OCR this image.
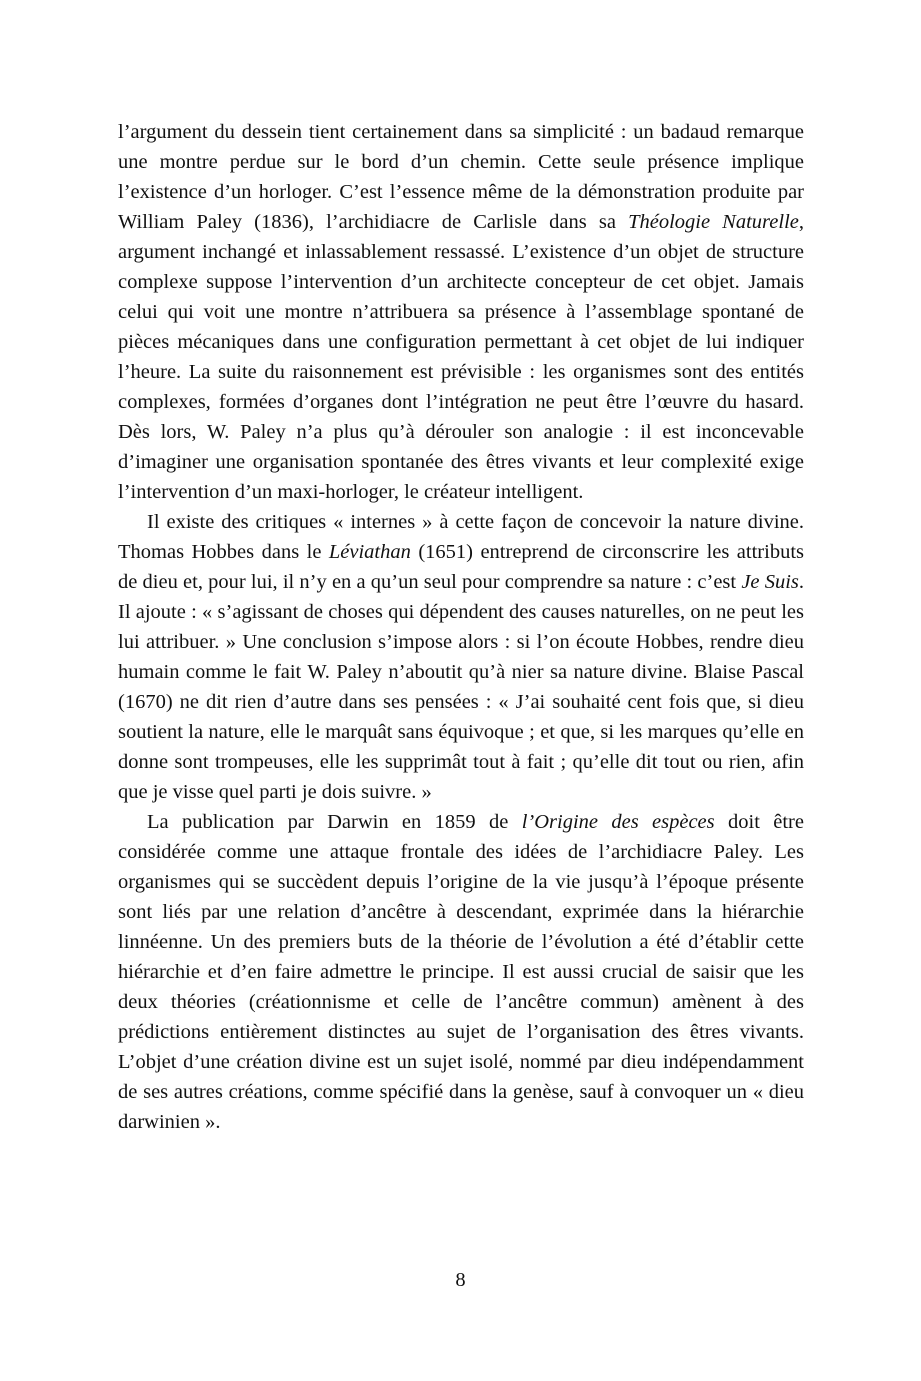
l’argument du dessein tient certainement dans sa simplicité : un badaud remarque une montre perdue sur le bord d’un chemin. Cette seule présence implique l’existence d’un horloger. C’est l’essence même de la démonstration produite par William Paley (1836), l’archidiacre de Carlisle dans sa Théologie Naturelle, argument inchangé et inlassablement ressassé. L’existence d’un objet de structure complexe suppose l’intervention d’un architecte concepteur de cet objet. Jamais celui qui voit une montre n’attribuera sa présence à l’assemblage spontané de pièces mécaniques dans une configuration permettant à cet objet de lui indiquer l’heure. La suite du raisonnement est prévisible : les organismes sont des entités complexes, formées d’organes dont l’intégration ne peut être l’œuvre du hasard. Dès lors, W. Paley n’a plus qu’à dérouler son analogie : il est inconcevable d’imaginer une organisation spontanée des êtres vivants et leur complexité exige l’intervention d’un maxi-horloger, le créateur intelligent.

Il existe des critiques « internes » à cette façon de concevoir la nature divine. Thomas Hobbes dans le Léviathan (1651) entreprend de circonscrire les attributs de dieu et, pour lui, il n’y en a qu’un seul pour comprendre sa nature : c’est Je Suis. Il ajoute : « s’agissant de choses qui dépendent des causes naturelles, on ne peut les lui attribuer. » Une conclusion s’impose alors : si l’on écoute Hobbes, rendre dieu humain comme le fait W. Paley n’aboutit qu’à nier sa nature divine. Blaise Pascal (1670) ne dit rien d’autre dans ses pensées : « J’ai souhaité cent fois que, si dieu soutient la nature, elle le marquât sans équivoque ; et que, si les marques qu’elle en donne sont trompeuses, elle les supprimât tout à fait ; qu’elle dit tout ou rien, afin que je visse quel parti je dois suivre. »

La publication par Darwin en 1859 de l’Origine des espèces doit être considérée comme une attaque frontale des idées de l’archidiacre Paley. Les organismes qui se succèdent depuis l’origine de la vie jusqu’à l’époque présente sont liés par une relation d’ancêtre à descendant, exprimée dans la hiérarchie linnéenne. Un des premiers buts de la théorie de l’évolution a été d’établir cette hiérarchie et d’en faire admettre le principe. Il est aussi crucial de saisir que les deux théories (créationnisme et celle de l’ancêtre commun) amènent à des prédictions entièrement distinctes au sujet de l’organisation des êtres vivants. L’objet d’une création divine est un sujet isolé, nommé par dieu indépendamment de ses autres créations, comme spécifié dans la genèse, sauf à convoquer un « dieu darwinien ».

8
